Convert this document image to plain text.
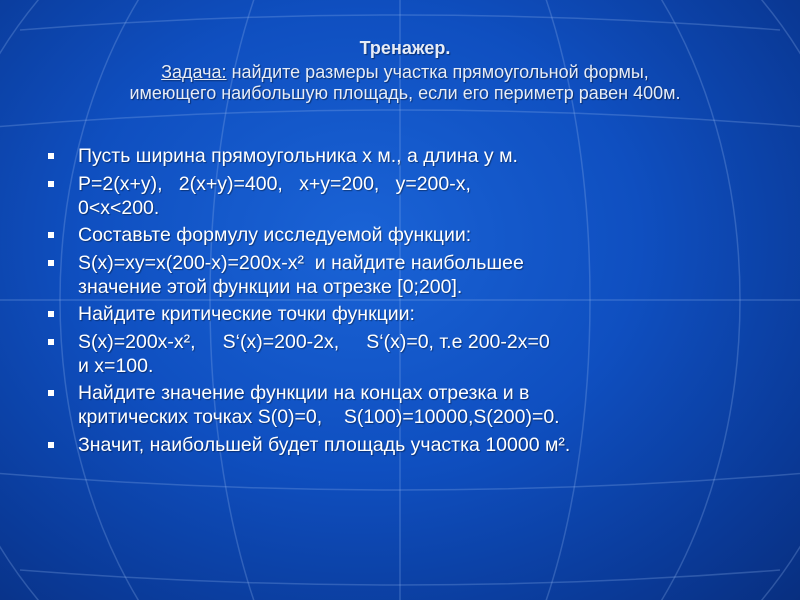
Тренажер.
Задача: найдите размеры участка прямоугольной формы,
имеющего наибольшую площадь, если его периметр равен 400м.
Пусть ширина прямоугольника х м., а длина у м.
Р=2(х+у),   2(х+у)=400,   х+у=200,   у=200-х,
0<х<200.
Составьте формулу исследуемой функции:
S(x)=xy=x(200-x)=200x-x²  и найдите наибольшее
значение этой функции на отрезке [0;200].
Найдите критические точки функции:
S(x)=200x-x²,     S‘(x)=200-2x,     S‘(x)=0, т.е 200-2x=0
и x=100.
Найдите значение функции на концах отрезка и в
критических точках S(0)=0,    S(100)=10000,S(200)=0.
Значит, наибольшей будет площадь участка 10000 м².
